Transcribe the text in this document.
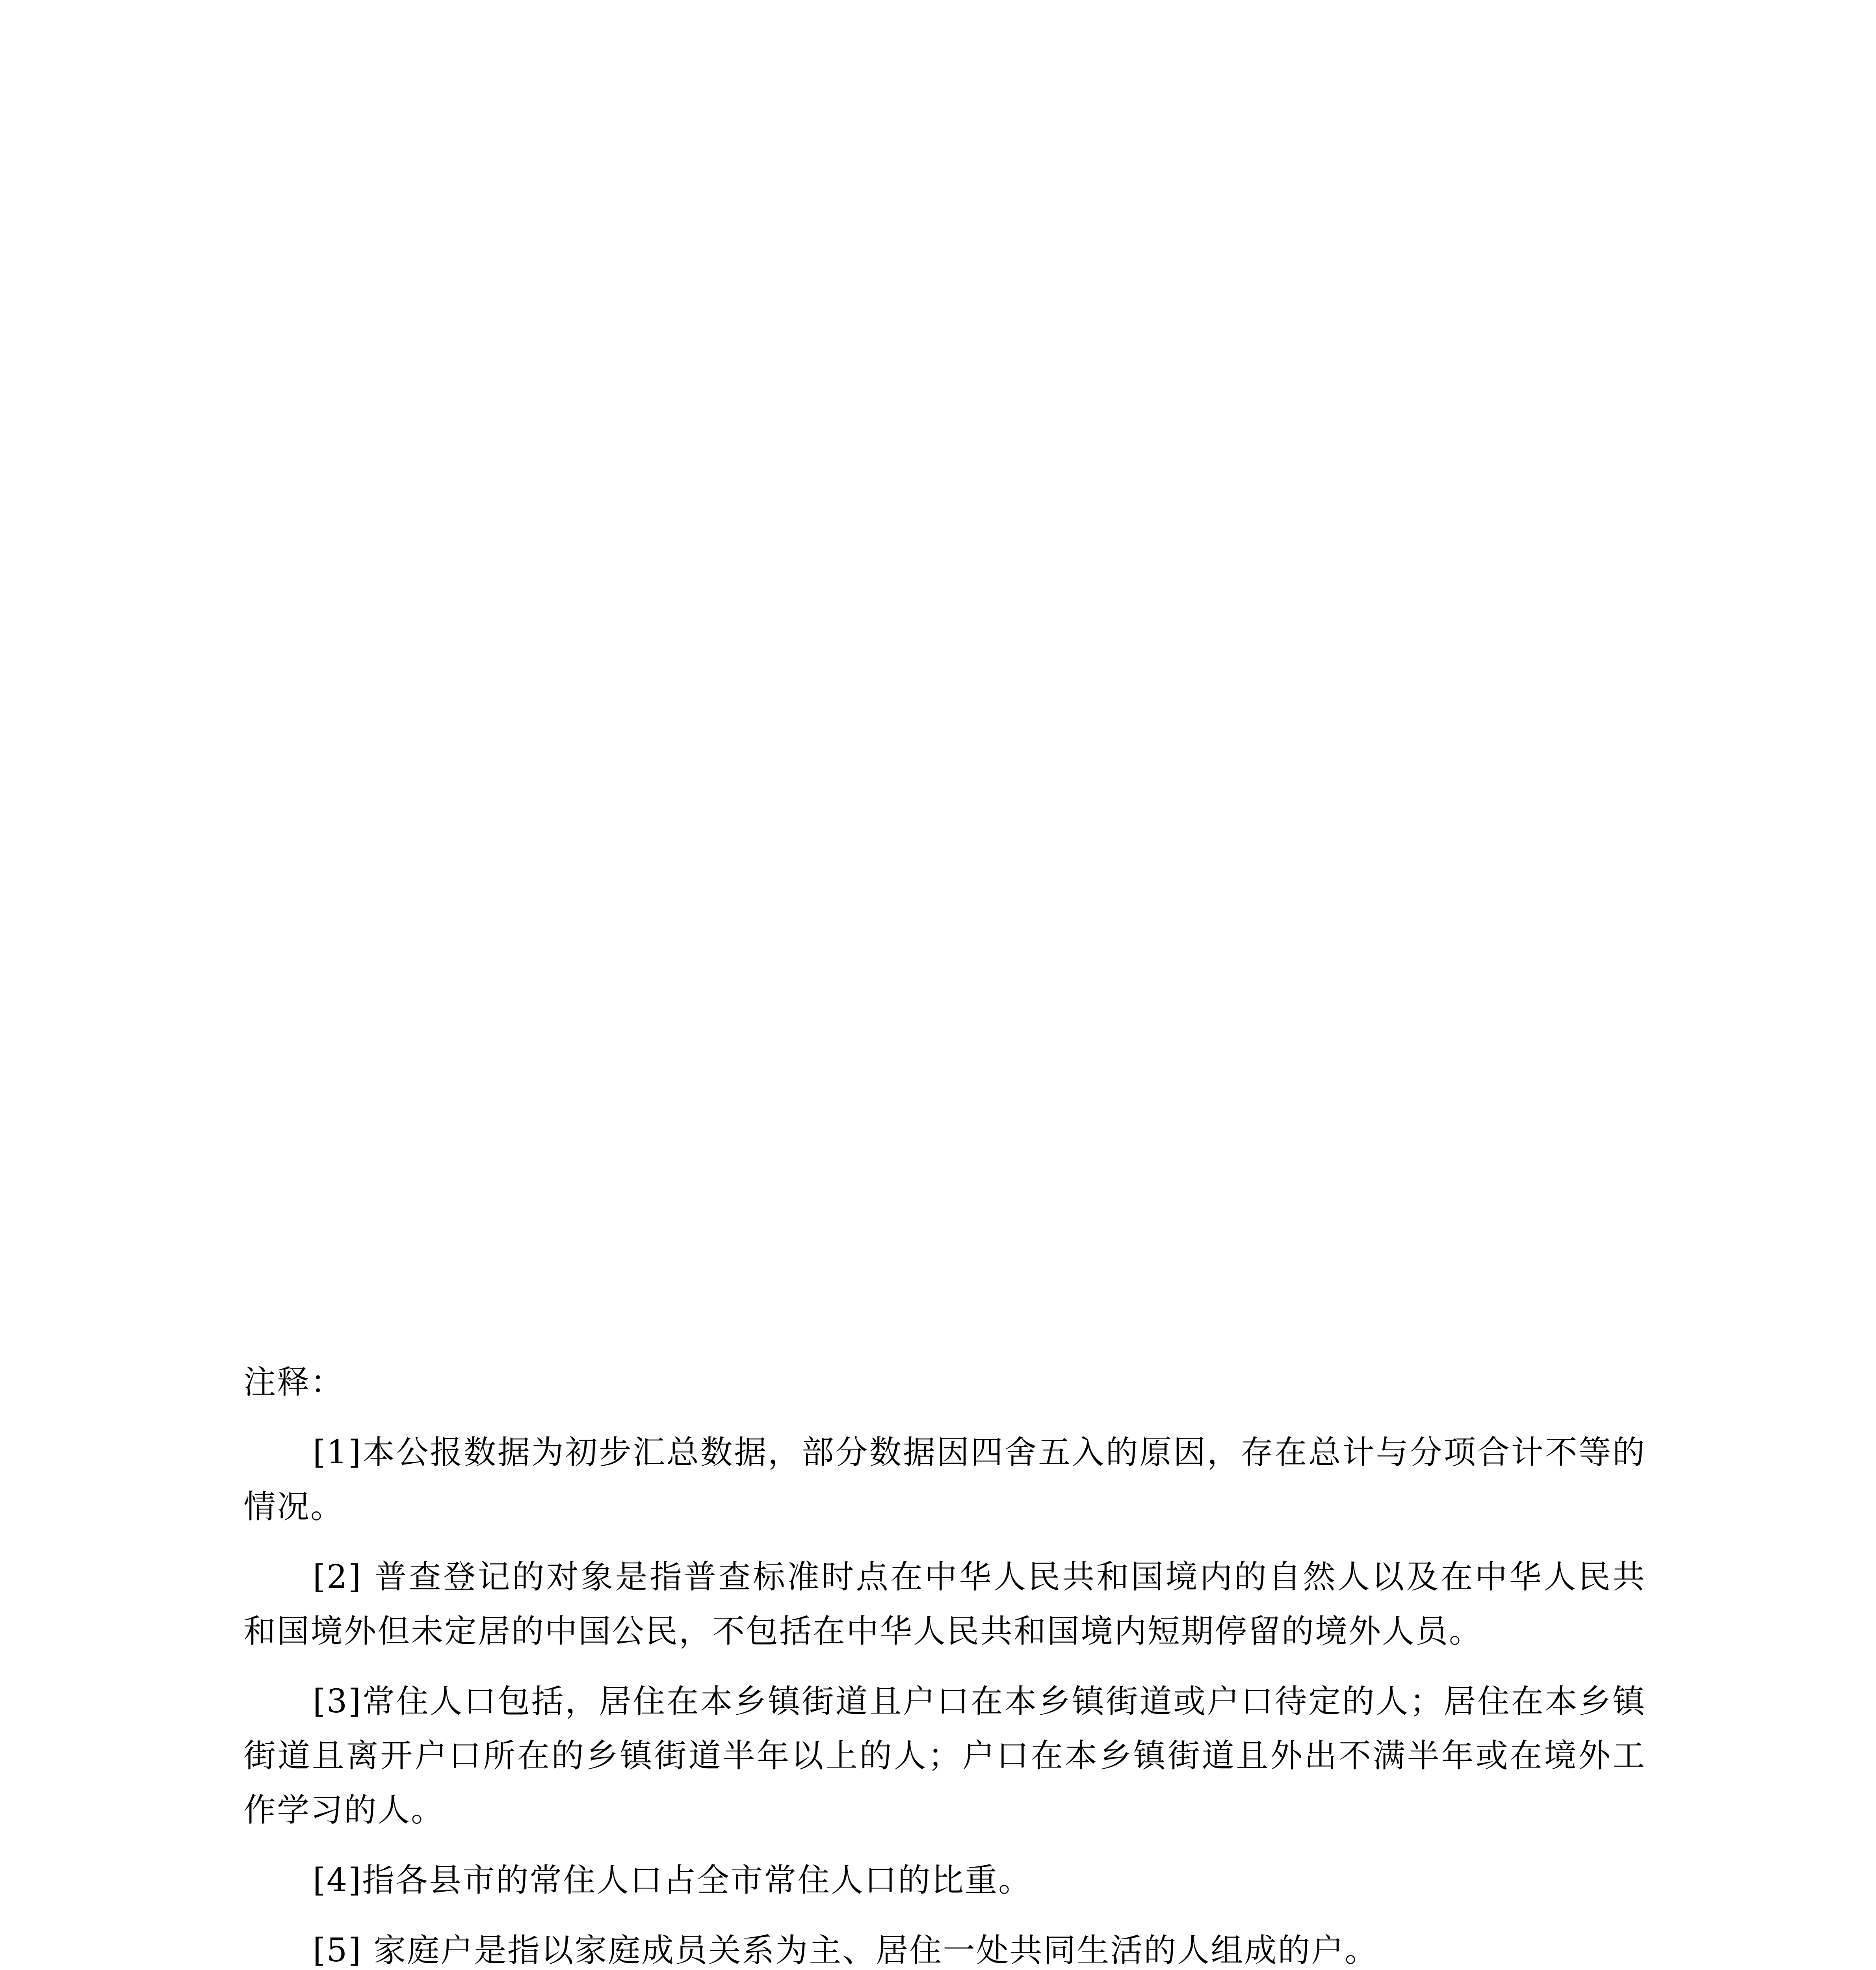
注释：

[1]本公报数据为初步汇总数据，部分数据因四舍五入的原因，存在总计与分项合计不等的情况。

[2] 普查登记的对象是指普查标准时点在中华人民共和国境内的自然人以及在中华人民共和国境外但未定居的中国公民，不包括在中华人民共和国境内短期停留的境外人员。

[3]常住人口包括，居住在本乡镇街道且户口在本乡镇街道或户口待定的人；居住在本乡镇街道且离开户口所在的乡镇街道半年以上的人；户口在本乡镇街道且外出不满半年或在境外工作学习的人。

[4]指各县市的常住人口占全市常住人口的比重。

[5] 家庭户是指以家庭成员关系为主、居住一处共同生活的人组成的户。
